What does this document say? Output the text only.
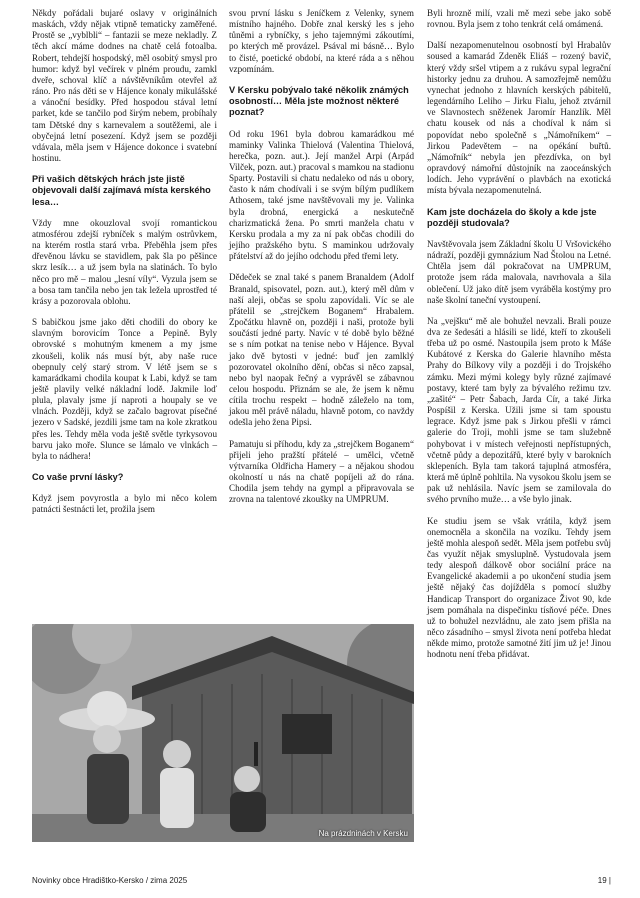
Někdy pořádali bujaré oslavy v originálních maskách, vždy nějak vtipně tematicky zaměřené. Prostě se „vyblbli“ – fantazii se meze nekladly. Z těch akcí máme dodnes na chatě celá fotoalba. Robert, tehdejší hospodský, měl osobitý smysl pro humor: když byl večírek v plném proudu, zamkl dveře, schoval klíč a návštěvníkům otevřel až ráno. Pro nás děti se v Hájence konaly mikulášské a vánoční besídky. Před hospodou stával letní parket, kde se tančilo pod širým nebem, probíhaly tam Dětské dny s karnevalem a soutěžemi, ale i obyčejná letní posezení. Když jsem se později vdávala, měla jsem v Hájence dokonce i svatební hostinu.

Při vašich dětských hrách jste jistě objevovali další zajímavá místa kerského lesa…

Vždy mne okouzloval svojí romantickou atmosférou zdejší rybníček s malým ostrůvkem, na kterém rostla stará vrba. Přeběhla jsem přes dřevěnou lávku se stavidlem, pak šla po pěšince skrz lesík… a už jsem byla na slatinách. To bylo něco pro mě – malou „lesní víly“. Vyzula jsem se a bosa tam tančila nebo jen tak ležela uprostřed té krásy a pozorovala oblohu.

S babičkou jsme jako děti chodili do obory ke slavným borovicím Tonce a Pepině. Byly obrovské s mohutným kmenem a my jsme zkoušeli, kolik nás musí být, aby naše ruce obepnuly celý starý strom. V létě jsem se s kamarádkami chodila koupat k Labi, když se tam ještě plavily velké nákladní lodě. Jakmile loď plula, plavaly jsme jí naproti a houpaly se ve vlnách. Později, když se začalo bagrovat písečné jezero v Sadské, jezdili jsme tam na kole zkratkou přes les. Tehdy měla voda ještě světle tyrkysovou barvu jako moře. Slunce se lámalo ve vlnkách – byla to nádhera!

Co vaše první lásky?

Když jsem povyrostla a bylo mi něco kolem patnácti šestnácti let, prožila jsem

svou první lásku s Jeníčkem z Velenky, synem místního hajného. Dobře znal kerský les s jeho tůněmi a rybníčky, s jeho tajemnými zákoutími, po kterých mě provázel. Psával mi básně… Bylo to čisté, poetické období, na které ráda a s něhou vzpomínám.

V Kersku pobývalo také několik známých osobností… Měla jste možnost některé poznat?

Od roku 1961 byla dobrou kamarádkou mé maminky Valinka Thielová (Valentina Thielová, herečka, pozn. aut.). Její manžel Arpi (Arpád Vilček, pozn. aut.) pracoval s mamkou na stadionu Sparty. Postavili si chatu nedaleko od nás u obory, často k nám chodívali i se svým bílým pudlíkem Athosem, také jsme navštěvovali my je. Valinka byla drobná, energická a neskutečně charizmatická žena. Po smrti manžela chatu v Kersku prodala a my za ní pak občas chodili do jejího pražského bytu. S maminkou udržovaly přátelství až do jejího odchodu před třemi lety.

Dědeček se znal také s panem Branaldem (Adolf Branald, spisovatel, pozn. aut.), který měl dům v naší aleji, občas se spolu zapovídali. Víc se ale přátelil se „strejčkem Boganem“ Hrabalem. Zpočátku hlavně on, později i naši, protože byli součástí jedné party. Navíc v té době bylo běžné se s ním potkat na tenise nebo v Hájence. Byval jako dvě bytosti v jedné: buď jen zamlklý pozorovatel okolního dění, občas si něco zapsal, nebo byl naopak řečný a vyprávěl se zábavnou celou hospodu. Přiznám se ale, že jsem k němu cítila trochu respekt – hodně záleželo na tom, jakou měl právě náladu, hlavně potom, co navždy odešla jeho žena Pipsi.

Pamatuju si příhodu, kdy za „strejčkem Boganem“ přijeli jeho pražští přátelé – umělci, včetně výtvarníka Oldřicha Hamery – a nějakou shodou okolností u nás na chatě popíjeli až do rána. Chodila jsem tehdy na gympl a připravovala se zrovna na talentové zkoušky na UMPRUM.

Byli hrozně milí, vzali mě mezi sebe jako sobě rovnou. Byla jsem z toho tenkrát celá omámená.

Další nezapomenutelnou osobností byl Hrabalův soused a kamarád Zdeněk Eliáš – rozený bavič, který vždy sršel vtipem a z rukávu sypal legrační historky jednu za druhou. A samozřejmě nemůžu vynechat jednoho z hlavních kerských pábitelů, legendárního Leliho – Jirku Fialu, jehož ztvárnil ve Slavnostech sněženek Jaromír Hanzlík. Měl chatu kousek od nás a chodíval k nám si popovídat nebo společně s „Námořníkem“ – Jirkou Padevětem – na opékání buřtů. „Námořník“ nebyla jen přezdívka, on byl opravdový námořní důstojník na zaoceánských lodích. Jeho vyprávění o plavbách na exotická místa bývala nezapomenutelná.

Kam jste docházela do školy a kde jste později studovala?

Navštěvovala jsem Základní školu U Vršovického nádraží, později gymnázium Nad Štolou na Letné. Chtěla jsem dál pokračovat na UMPRUM, protože jsem ráda malovala, navrhovala a šila oblečení. Už jako dítě jsem vyráběla kostýmy pro naše školní taneční vystoupení.

Na „vejšku“ mě ale bohužel nevzali. Brali pouze dva ze šedesáti a hlásili se lidé, kteří to zkoušeli třeba už po osmé. Nastoupila jsem proto k Máše Kubátové z Kerska do Galerie hlavního města Prahy do Bílkovy vily a později i do Trojského zámku. Mezi mými kolegy byly různé zajímavé postavy, které tam byly za bývalého režimu tzv. „zašité“ – Petr Šabach, Jarda Cír, a také Jirka Pospíšil z Kerska. Užili jsme si tam spoustu legrace. Když jsme pak s Jirkou přešli v rámci galerie do Troji, mohli jsme se tam služebně pohybovat i v místech veřejnosti nepřístupných, včetně půdy a depozitářů, které byly v barokních sklepeních. Byla tam takorá tajuplná atmosféra, která mě úplně pohltila. Na vysokou školu jsem se pak už nehlásila. Navíc jsem se zamilovala do svého prvního muže… a vše bylo jinak.

Ke studiu jsem se však vrátila, když jsem onemocněla a skončila na vozíku. Tehdy jsem ještě mohla alespoň sedět. Měla jsem potřebu svůj čas využít nějak smysluplně. Vystudovala jsem tedy alespoň dálkově obor sociální práce na Evangelické akademii a po ukončení studia jsem ještě nějaký čas dojížděla s pomocí služby Handicap Transport do organizace Život 90, kde jsem pomáhala na dispečinku tísňové péče. Dnes už to bohužel nezvládnu, ale zato jsem přišla na něco zásadního – smysl života není potřeba hledat někde mimo, protože samotné žití jim už je! Jinou hodnotu není třeba přidávat.

Na prázdninách v Kersku
Novinky obce Hradištko-Kersko / zima 2025	19 |
